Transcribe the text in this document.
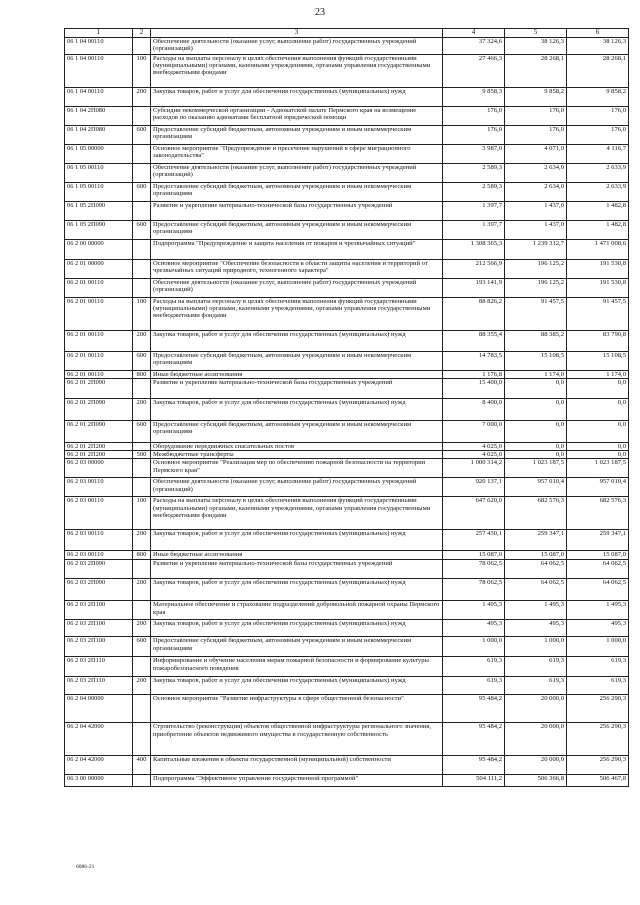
23
1	2	3	4	5	6
06 1 04 00110		Обеспечение деятельности (оказание услуг, выполнение работ) государственных учреждений (организаций)	37 324,6	38 126,3	38 126,3
06 1 04 00110	100	Расходы на выплаты персоналу в целях обеспечения выполнения функций государственными (муниципальными) органами, казенными учреждениями, органами управления государственными внебюджетными фондами	27 466,3	28 268,1	28 268,1
06 1 04 00110	200	Закупка товаров, работ и услуг для обеспечения государственных (муниципальных) нужд	9 858,3	9 858,2	9 858,2
06 1 04 2П080		Субсидии некоммерческой организации - Адвокатской палате Пермского края на возмещение расходов по оказанию адвокатами бесплатной юридической помощи	176,0	176,0	176,0
06 1 04 2П080	600	Предоставление субсидий бюджетным, автономным учреждениям и иным некоммерческим организациям	176,0	176,0	176,0
06 1 05 00000		Основное мероприятие "Предупреждение и пресечение нарушений в сфере миграционного законодательства"	3 987,0	4 071,0	4 116,7
06 1 05 00110		Обеспечение деятельности (оказание услуг, выполнение работ) государственных учреждений (организаций)	2 589,3	2 634,0	2 633,9
06 1 05 00110	600	Предоставление субсидий бюджетным, автономным учреждениям и иным некоммерческим организациям	2 589,3	2 634,0	2 633,9
06 1 05 2П090		Развитие и укрепление материально-технической базы государственных учреждений	1 397,7	1 437,0	1 482,8
06 1 05 2П090	600	Предоставление субсидий бюджетным, автономным учреждениям и иным некоммерческим организациям	1 397,7	1 437,0	1 482,8
06 2 00 00000		Подпрограмма "Предупреждение и защита населения от пожаров и чрезвычайных ситуаций"	1 308 365,3	1 239 312,7	1 471 008,6
06 2 01 00000		Основное мероприятие "Обеспечение безопасности в области защиты населения и территорий от чрезвычайных ситуаций природного, техногенного характера"	212 566,9	196 125,2	191 530,8
06 2 01 00110		Обеспечение деятельности (оказание услуг, выполнение работ) государственных учреждений (организаций)	193 141,9	196 125,2	191 530,8
06 2 01 00110	100	Расходы на выплаты персоналу в целях обеспечения выполнения функций государственными (муниципальными) органами, казенными учреждениями, органами управления государственными внебюджетными фондами	88 826,2	91 457,5	91 457,5
06 2 01 00110	200	Закупка товаров, работ и услуг для обеспечения государственных (муниципальных) нужд	88 355,4	88 385,2	83 790,8
06 2 01 00110	600	Предоставление субсидий бюджетным, автономным учреждениям и иным некоммерческим организациям	14 783,5	15 108,5	15 108,5
06 2 01 00110	800	Иные бюджетные ассигнования	1 176,8	1 174,0	1 174,0
06 2 01 2П090		Развитие и укрепление материально-технической базы государственных учреждений	15 400,0	0,0	0,0
06 2 01 2П090	200	Закупка товаров, работ и услуг для обеспечения государственных (муниципальных) нужд	8 400,0	0,0	0,0
06 2 01 2П090	600	Предоставление субсидий бюджетным, автономным учреждениям и иным некоммерческим организациям	7 000,0	0,0	0,0
06 2 01 2П200		Оборудование передвижных спасательных постов	4 025,0	0,0	0,0
06 2 01 2П200	500	Межбюджетные трансферты	4 025,0	0,0	0,0
06 2 03 00000		Основное мероприятие "Реализация мер по обеспечению пожарной безопасности на территории Пермского края"	1 000 314,2	1 023 187,5	1 023 187,5
06 2 03 00110		Обеспечение деятельности (оказание услуг, выполнение работ) государственных учреждений (организаций)	920 137,1	957 010,4	957 010,4
06 2 03 00110	100	Расходы на выплаты персоналу в целях обеспечения выполнения функций государственными (муниципальными) органами, казенными учреждениями, органами управления государственными внебюджетными фондами	647 620,0	682 576,3	682 576,3
06 2 03 00110	200	Закупка товаров, работ и услуг для обеспечения государственных (муниципальных) нужд	257 430,1	259 347,1	259 347,1
06 2 03 00110	800	Иные бюджетные ассигнования	15 087,0	15 087,0	15 087,0
06 2 03 2П090		Развитие и укрепление материально-технической базы государственных учреждений	78 062,5	64 062,5	64 062,5
06 2 03 2П090	200	Закупка товаров, работ и услуг для обеспечения государственных (муниципальных) нужд	78 062,5	64 062,5	64 062,5
06 2 03 2П100		Материальное обеспечение и страхование подразделений добровольной пожарной охраны Пермского края	1 495,3	1 495,3	1 495,3
06 2 03 2П100	200	Закупка товаров, работ и услуг для обеспечения государственных (муниципальных) нужд	495,3	495,3	495,3
06 2 03 2П100	600	Предоставление субсидий бюджетным, автономным учреждениям и иным некоммерческим организациям	1 000,0	1 000,0	1 000,0
06 2 03 2П110		Информирование и обучение населения мерам пожарной безопасности и формирование культуры пожаробезопасного поведения	619,3	619,3	619,3
06 2 03 2П110	200	Закупка товаров, работ и услуг для обеспечения государственных (муниципальных) нужд	619,3	619,3	619,3
06 2 04 00000		Основное мероприятие "Развитие инфраструктуры в сфере общественной безопасности"	95 484,2	20 000,0	256 290,3
06 2 04 42000		Строительство (реконструкция) объектов общественной инфраструктуры регионального значения, приобретение объектов недвижимого имущества в государственную собственность	95 484,2	20 000,0	256 290,3
06 2 04 42000	400	Капитальные вложения в объекты государственной (муниципальной) собственности	95 484,2	20 000,0	256 290,3
06 3 00 00000		Подпрограмма "Эффективное управление государственной программой"	504 111,2	506 366,8	506 467,8
6086-21
